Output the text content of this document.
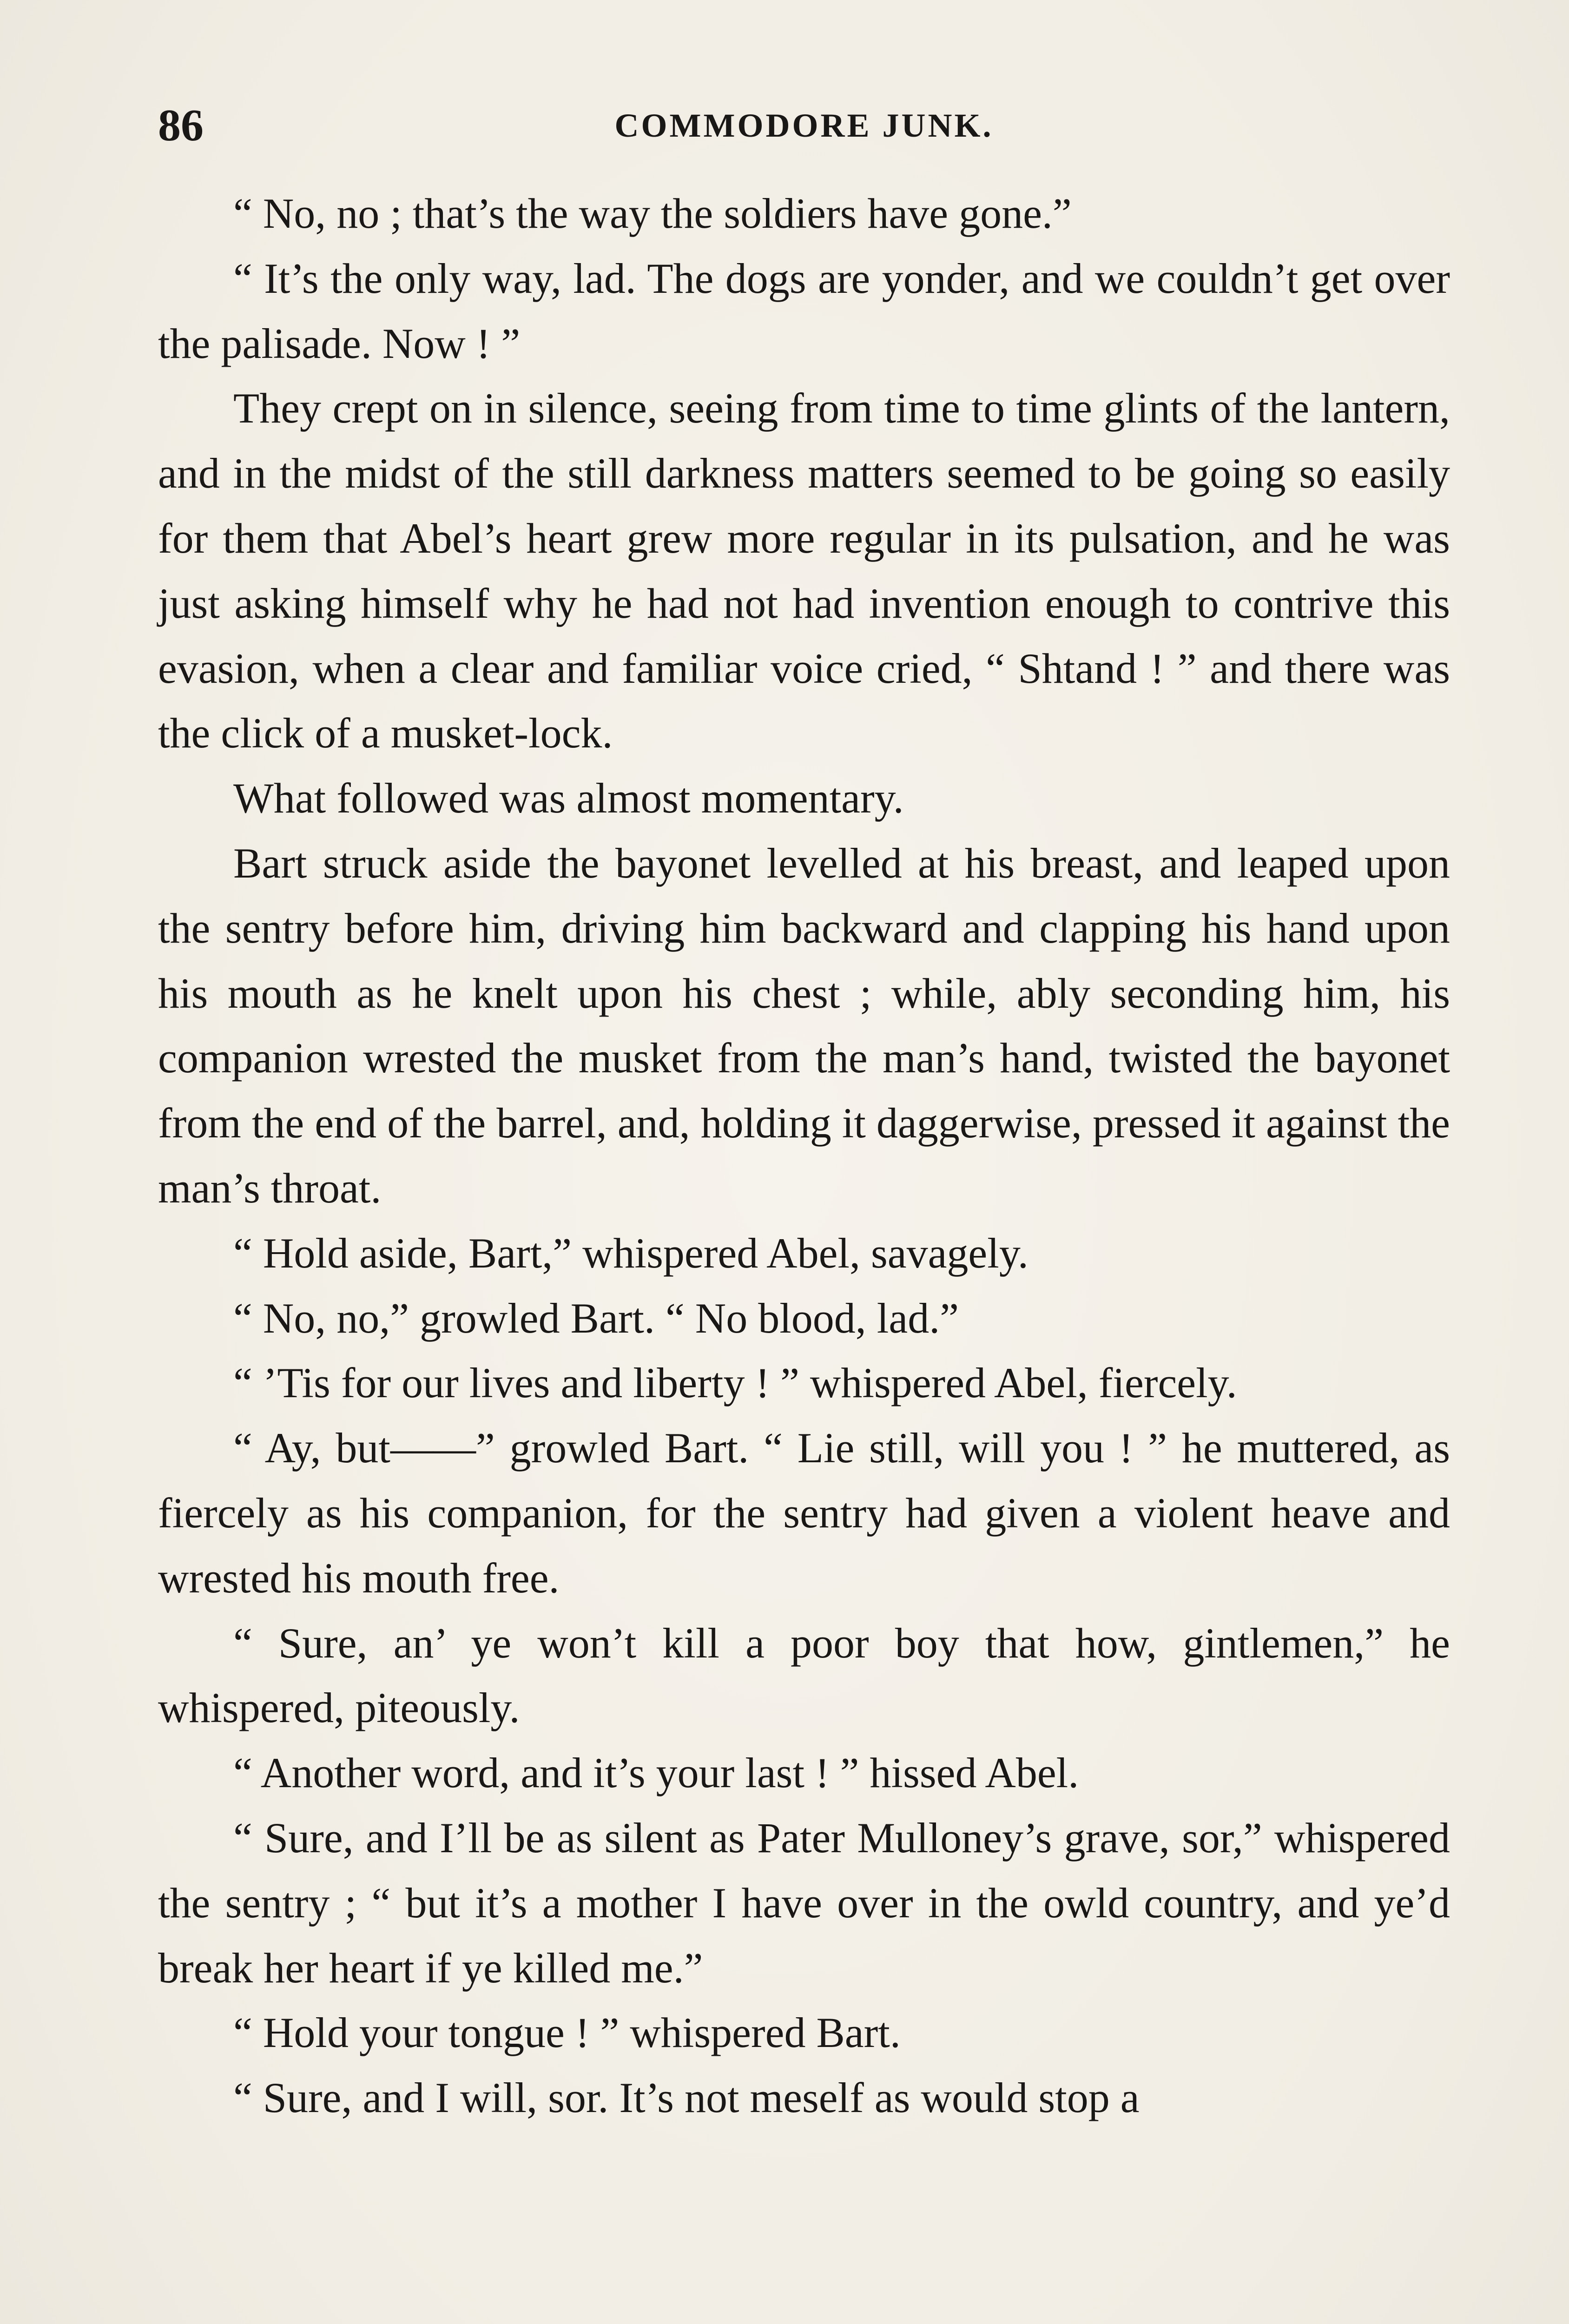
86	COMMODORE JUNK.

“ No, no ; that’s the way the soldiers have gone.”

“ It’s the only way, lad. The dogs are yonder, and we couldn’t get over the palisade. Now ! ”

They crept on in silence, seeing from time to time glints of the lantern, and in the midst of the still darkness matters seemed to be going so easily for them that Abel’s heart grew more regular in its pulsation, and he was just asking himself why he had not had invention enough to contrive this evasion, when a clear and familiar voice cried, “ Shtand ! ” and there was the click of a musket-lock.

What followed was almost momentary.

Bart struck aside the bayonet levelled at his breast, and leaped upon the sentry before him, driving him backward and clapping his hand upon his mouth as he knelt upon his chest ; while, ably seconding him, his companion wrested the musket from the man’s hand, twisted the bayonet from the end of the barrel, and, holding it daggerwise, pressed it against the man’s throat.

“ Hold aside, Bart,” whispered Abel, savagely.

“ No, no,” growled Bart. “ No blood, lad.”

“ ’Tis for our lives and liberty ! ” whispered Abel, fiercely.

“ Ay, but——” growled Bart. “ Lie still, will you ! ” he muttered, as fiercely as his companion, for the sentry had given a violent heave and wrested his mouth free.

“ Sure, an’ ye won’t kill a poor boy that how, gintlemen,” he whispered, piteously.

“ Another word, and it’s your last ! ” hissed Abel.

“ Sure, and I’ll be as silent as Pater Mulloney’s grave, sor,” whispered the sentry ; “ but it’s a mother I have over in the owld country, and ye’d break her heart if ye killed me.”

“ Hold your tongue ! ” whispered Bart.

“ Sure, and I will, sor. It’s not meself as would stop a
